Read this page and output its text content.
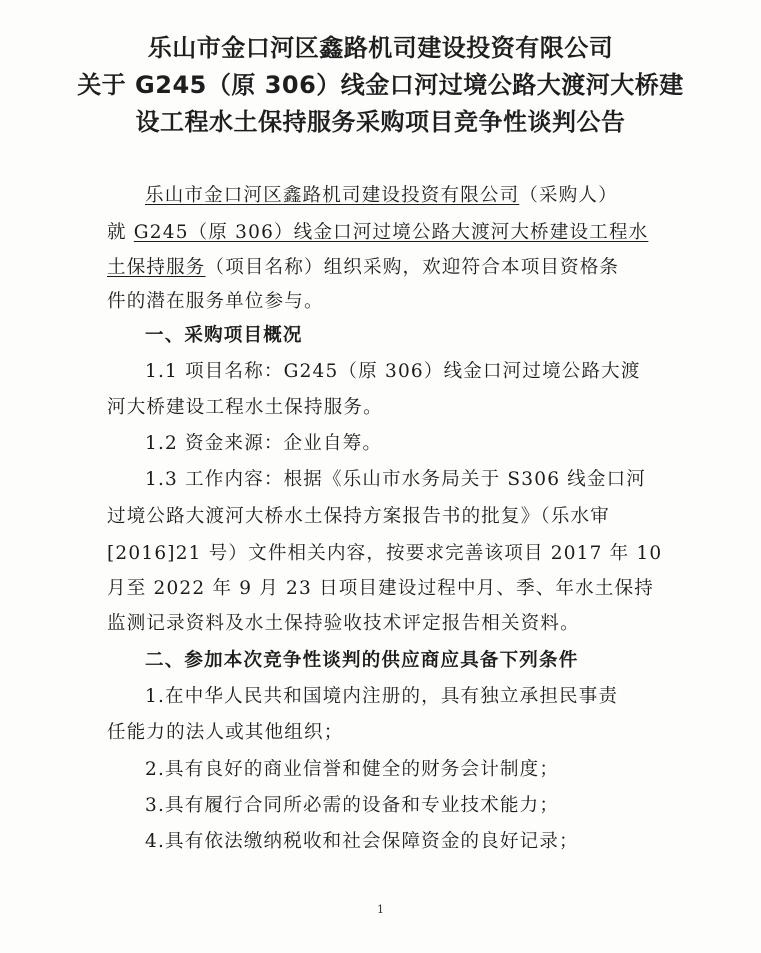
乐山市金口河区鑫路机司建设投资有限公司
关于 G245（原 306）线金口河过境公路大渡河大桥建
设工程水土保持服务采购项目竞争性谈判公告
乐山市金口河区鑫路机司建设投资有限公司（采购人）
就 G245（原 306）线金口河过境公路大渡河大桥建设工程水
土保持服务（项目名称）组织采购，欢迎符合本项目资格条
件的潜在服务单位参与。
一、采购项目概况
1.1 项目名称：G245（原 306）线金口河过境公路大渡
河大桥建设工程水土保持服务。
1.2 资金来源：企业自筹。
1.3 工作内容：根据《乐山市水务局关于 S306 线金口河
过境公路大渡河大桥水土保持方案报告书的批复》（乐水审
[2016]21 号）文件相关内容，按要求完善该项目 2017 年 10
月至 2022 年 9 月 23 日项目建设过程中月、季、年水土保持
监测记录资料及水土保持验收技术评定报告相关资料。
二、参加本次竞争性谈判的供应商应具备下列条件
1.在中华人民共和国境内注册的，具有独立承担民事责
任能力的法人或其他组织；
2.具有良好的商业信誉和健全的财务会计制度；
3.具有履行合同所必需的设备和专业技术能力；
4.具有依法缴纳税收和社会保障资金的良好记录；
1
